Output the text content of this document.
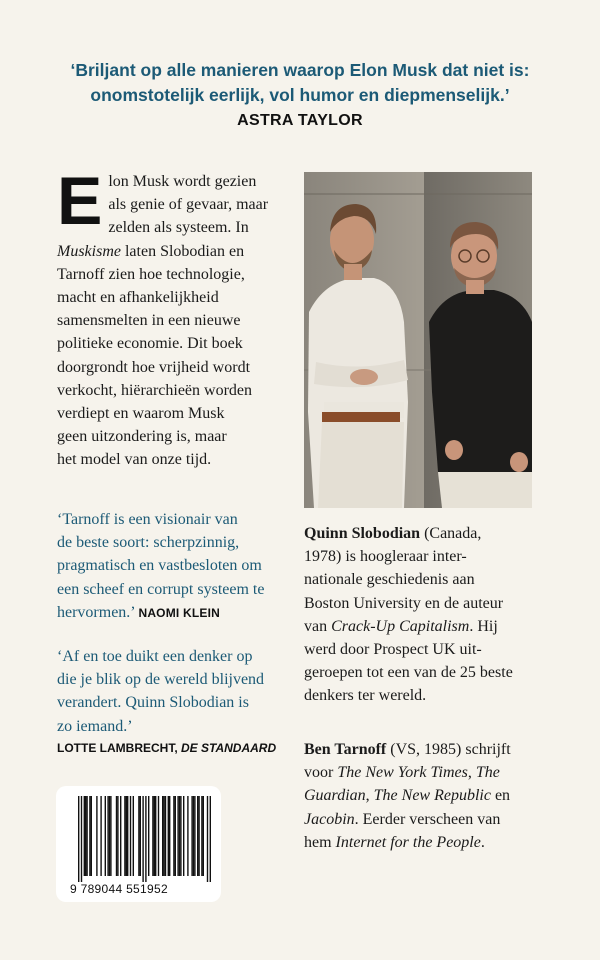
‘Briljant op alle manieren waarop Elon Musk dat niet is:
onomstotelijk eerlijk, vol humor en diepmenselijk.’
ASTRA TAYLOR
E lon Musk wordt gezien
als genie of gevaar, maar
zelden als systeem. In
Muskisme laten Slobodian en
Tarnoff zien hoe technologie,
macht en afhankelijkheid
samensmelten in een nieuwe
politieke economie. Dit boek
doorgrondt hoe vrijheid wordt
verkocht, hiërarchieën worden
verdiept en waarom Musk
geen uitzondering is, maar
het model van onze tijd.
‘Tarnoff is een visionair van
de beste soort: scherpzinnig,
pragmatisch en vastbesloten om
een scheef en corrupt systeem te
hervormen.’ NAOMI KLEIN
‘Af en toe duikt een denker op
die je blik op de wereld blijvend
verandert. Quinn Slobodian is
zo iemand.’
LOTTE LAMBRECHT, DE STANDAARD
Quinn Slobodian (Canada,
1978) is hoogleraar inter-
nationale geschiedenis aan
Boston University en de auteur
van Crack-Up Capitalism. Hij
werd door Prospect UK uit-
geroepen tot een van de 25 beste
denkers ter wereld.
Ben Tarnoff (VS, 1985) schrijft
voor The New York Times, The
Guardian, The New Republic en
Jacobin. Eerder verscheen van
hem Internet for the People.
9 789044 551952
